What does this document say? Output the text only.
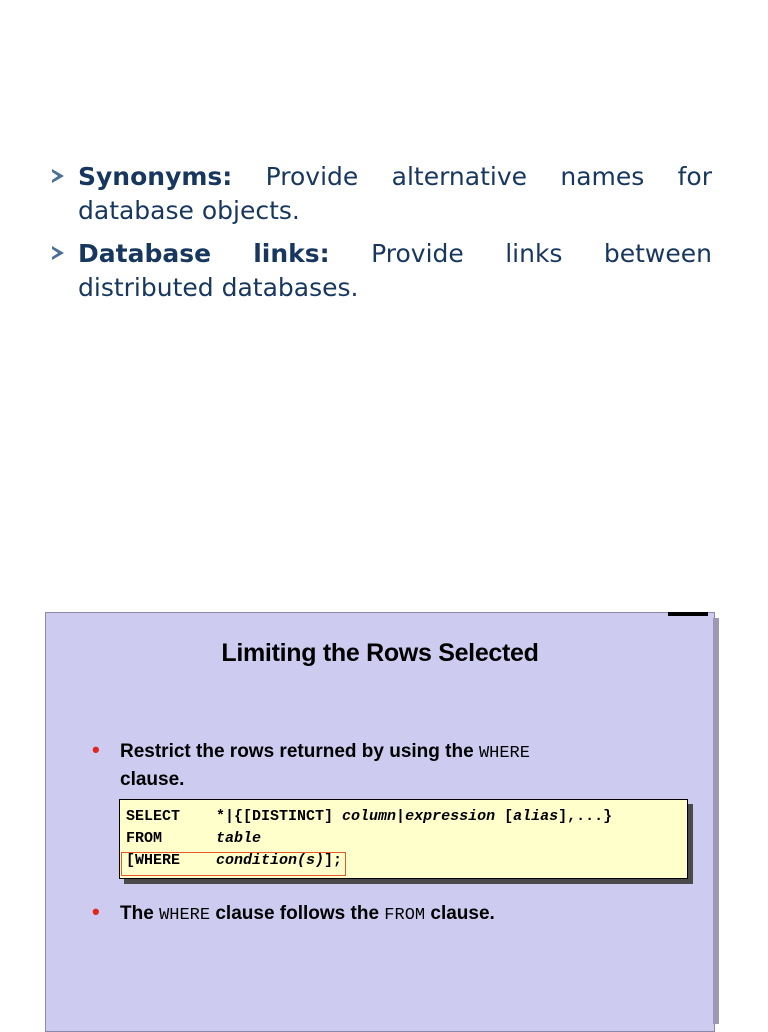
Synonyms: Provide alternative names for database objects.
Database links: Provide links between distributed databases.
Limiting the Rows Selected
• Restrict the rows returned by using the WHERE
clause.
SELECT *|{[DISTINCT] column|expression [alias],...}
FROM	table
[WHERE condition(s)];
• The WHERE clause follows the FROM clause.
